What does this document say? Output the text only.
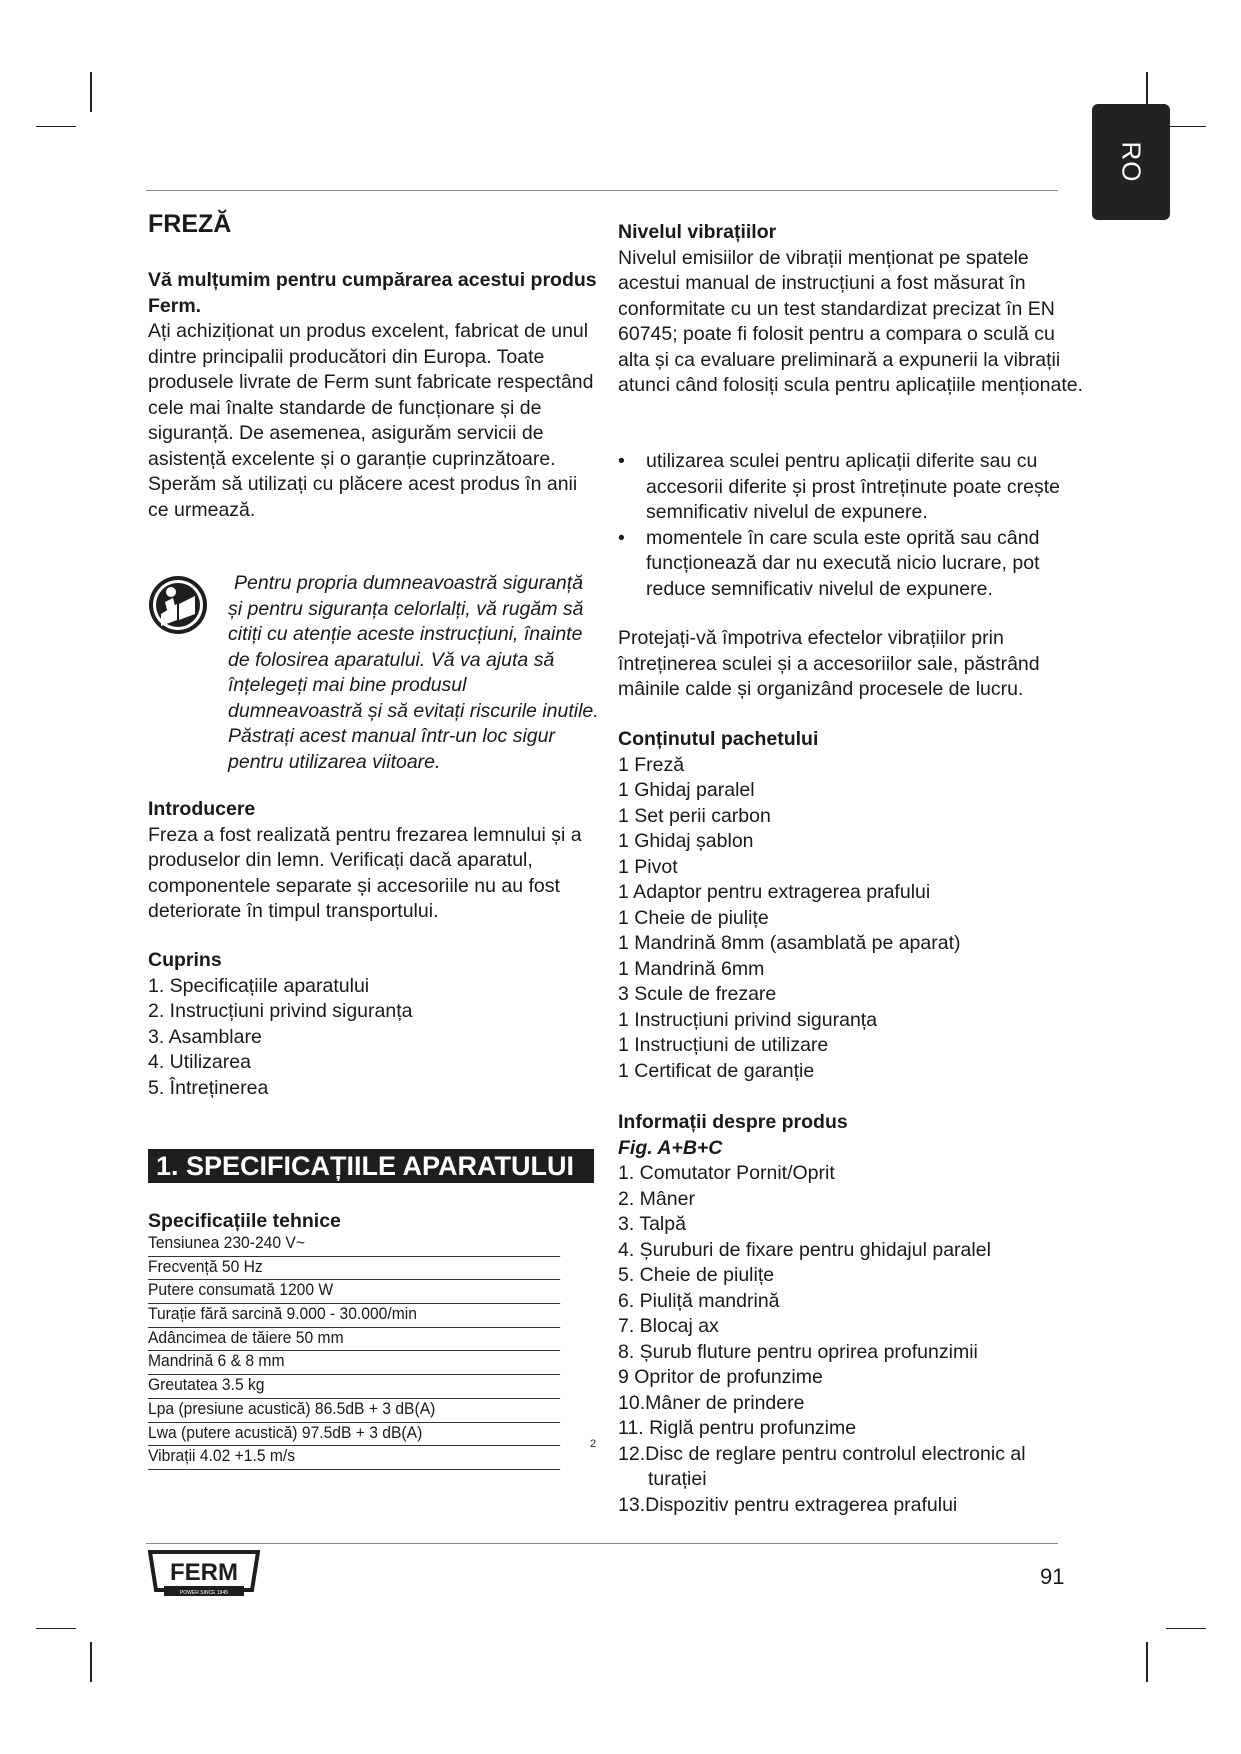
RO
FREZĂ
Vă mulțumim pentru cumpărarea acestui produs Ferm.

Ați achiziționat un produs excelent, fabricat de unul dintre principalii producători din Europa. Toate produsele livrate de Ferm sunt fabricate respectând cele mai înalte standarde de funcționare și de siguranță. De asemenea, asigurăm servicii de asistență excelente și o garanție cuprinzătoare.

Sperăm să utilizați cu plăcere acest produs în anii ce urmează.

Pentru propria dumneavoastră siguranță și pentru siguranța celorlalți, vă rugăm să citiți cu atenție aceste instrucțiuni, înainte de folosirea aparatului. Vă va ajuta să înțelegeți mai bine produsul dumneavoastră și să evitați riscurile inutile. Păstrați acest manual într-un loc sigur pentru utilizarea viitoare.

Introducere

Freza a fost realizată pentru frezarea lemnului și a produselor din lemn. Verificați dacă aparatul, componentele separate și accesoriile nu au fost deteriorate în timpul transportului.

Cuprins
1. Specificațiile aparatului
2. Instrucțiuni privind siguranța
3. Asamblare
4. Utilizarea
5. Întreținerea
1. SPECIFICAȚIILE APARATULUI
Specificațiile tehnice
Tensiunea 230-240 V~
Frecvență 50 Hz
Putere consumată 1200 W
Turație fără sarcină 9.000 - 30.000/min
Adâncimea de tăiere 50 mm
Mandrină 6 & 8 mm
Greutatea 3.5 kg
Lpa (presiune acustică) 86.5dB + 3 dB(A)
Lwa (putere acustică) 97.5dB + 3 dB(A)
Vibrații 4.02 +1.5 m/s
2
Nivelul vibrațiilor

Nivelul emisiilor de vibrații menționat pe spatele acestui manual de instrucțiuni a fost măsurat în conformitate cu un test standardizat precizat în EN 60745; poate fi folosit pentru a compara o sculă cu alta și ca evaluare preliminară a expunerii la vibrații atunci când folosiți scula pentru aplicațiile menționate.

• utilizarea sculei pentru aplicații diferite sau cu accesorii diferite și prost întreținute poate crește semnificativ nivelul de expunere.
• momentele în care scula este oprită sau când funcționează dar nu execută nicio lucrare, pot reduce semnificativ nivelul de expunere.

Protejați-vă împotriva efectelor vibrațiilor prin întreținerea sculei și a accesoriilor sale, păstrând mâinile calde și organizând procesele de lucru.

Conținutul pachetului
1 Freză
1 Ghidaj paralel
1 Set perii carbon
1 Ghidaj șablon
1 Pivot
1 Adaptor pentru extragerea prafului
1 Cheie de piulițe
1 Mandrină 8mm (asamblată pe aparat)
1 Mandrină 6mm
3 Scule de frezare
1 Instrucțiuni privind siguranța
1 Instrucțiuni de utilizare
1 Certificat de garanție
Informații despre produs
Fig. A+B+C
1. Comutator Pornit/Oprit
2. Mâner
3. Talpă
4. Șuruburi de fixare pentru ghidajul paralel
5. Cheie de piulițe
6. Piuliță mandrină
7. Blocaj ax
8. Șurub fluture pentru oprirea profunzimii
9 Opritor de profunzime
10.Mâner de prindere
11. Riglă pentru profunzime
12.Disc de reglare pentru controlul electronic al
turației
13.Dispozitiv pentru extragerea prafului
FERM
POWER SINCE 1945
91
